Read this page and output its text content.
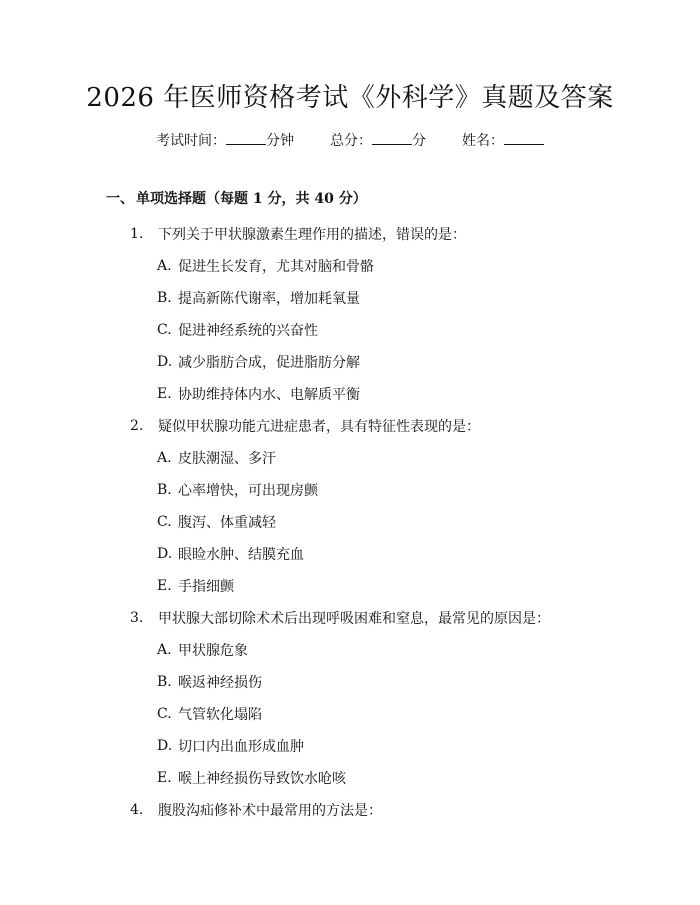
2026 年医师资格考试《外科学》真题及答案
考试时间：	分钟	总分：	分	姓名：
一、 单项选择题（每题 1 分，共 40 分）
1.	下列关于甲状腺激素生理作用的描述，错误的是：
A. 促进生长发育，尤其对脑和骨骼
B. 提高新陈代谢率，增加耗氧量
C. 促进神经系统的兴奋性
D. 减少脂肪合成，促进脂肪分解
E. 协助维持体内水、电解质平衡
2.	疑似甲状腺功能亢进症患者，具有特征性表现的是：
A. 皮肤潮湿、多汗
B. 心率增快，可出现房颤
C. 腹泻、体重减轻
D. 眼睑水肿、结膜充血
E. 手指细颤
3.	甲状腺大部切除术术后出现呼吸困难和窒息，最常见的原因是：
A. 甲状腺危象
B. 喉返神经损伤
C. 气管软化塌陷
D. 切口内出血形成血肿
E. 喉上神经损伤导致饮水呛咳
4.	腹股沟疝修补术中最常用的方法是：
